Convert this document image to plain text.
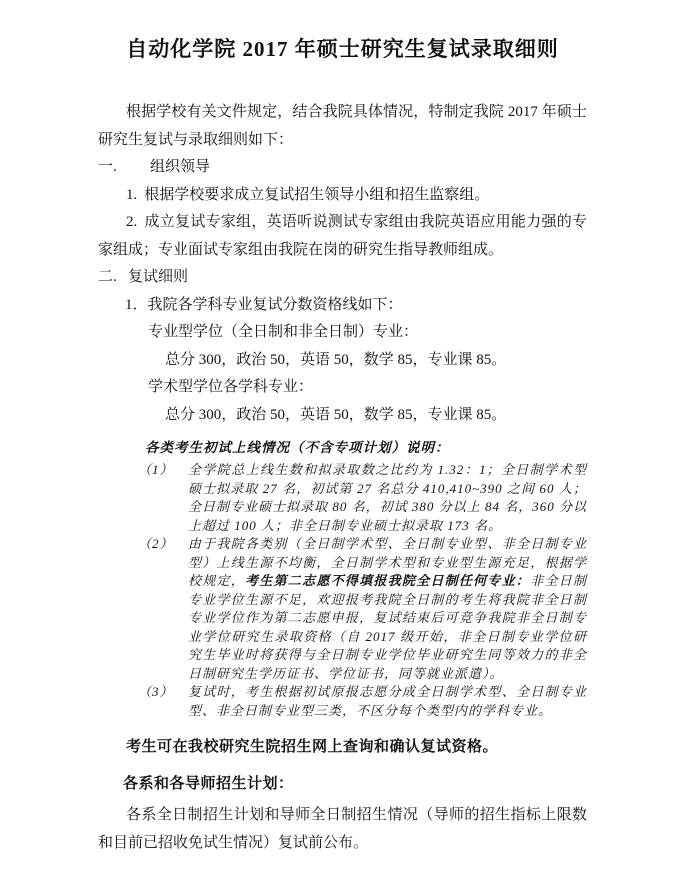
自动化学院 2017 年硕士研究生复试录取细则

根据学校有关文件规定，结合我院具体情况，特制定我院 2017 年硕士研究生复试与录取细则如下：

一. 组织领导

1. 根据学校要求成立复试招生领导小组和招生监察组。

2. 成立复试专家组，英语听说测试专家组由我院英语应用能力强的专家组成；专业面试专家组由我院在岗的研究生指导教师组成。

二. 复试细则

1．我院各学科专业复试分数资格线如下：

专业型学位（全日制和非全日制）专业：

总分 300，政治 50，英语 50，数学 85，专业课 85。

学术型学位各学科专业：

总分 300，政治 50，英语 50，数学 85，专业课 85。

各类考生初试上线情况（不含专项计划）说明：

（1）	全学院总上线生数和拟录取数之比约为 1.32：1；全日制学术型硕士拟录取 27 名，初试第 27 名总分 410,410~390 之间 60 人；全日制专业硕士拟录取 80 名，初试 380 分以上 84 名，360 分以上超过 100 人；非全日制专业硕士拟录取 173 名。

（2）	由于我院各类别（全日制学术型、全日制专业型、非全日制专业型）上线生源不均衡，全日制学术型和专业型生源充足，根据学校规定，考生第二志愿不得填报我院全日制任何专业：非全日制专业学位生源不足，欢迎报考我院全日制的考生将我院非全日制专业学位作为第二志愿申报，复试结束后可竞争我院非全日制专业学位研究生录取资格（自 2017 级开始，非全日制专业学位研究生毕业时将获得与全日制专业学位毕业研究生同等效力的非全日制研究生学历证书、学位证书，同等就业派遣）。

（3）	复试时，考生根据初试原报志愿分成全日制学术型、全日制专业型、非全日制专业型三类，不区分每个类型内的学科专业。

考生可在我校研究生院招生网上查询和确认复试资格。

各系和各导师招生计划：

各系全日制招生计划和导师全日制招生情况（导师的招生指标上限数和目前已招收免试生情况）复试前公布。
